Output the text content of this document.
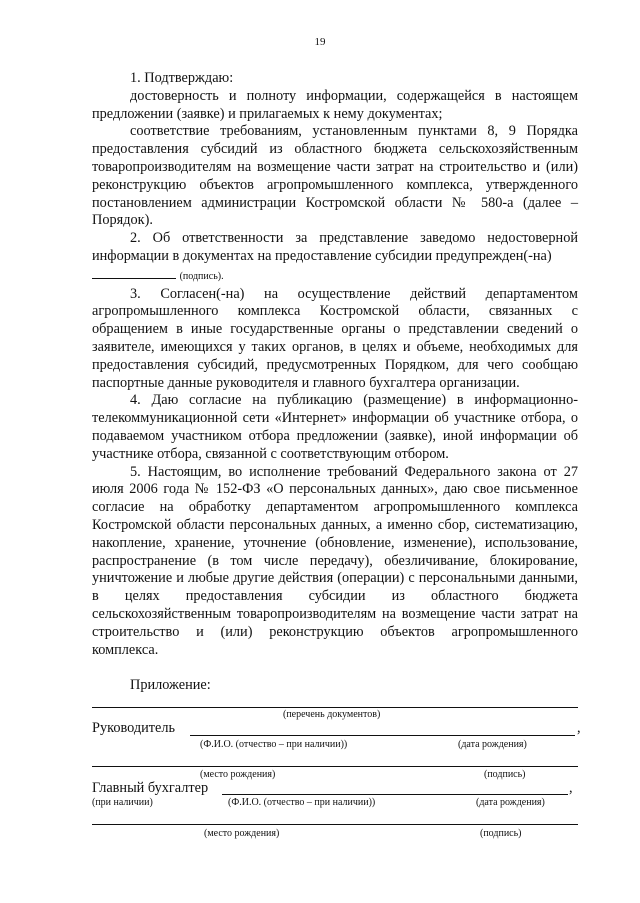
19

1. Подтверждаю:

достоверность и полноту информации, содержащейся в настоящем предложении (заявке) и прилагаемых к нему документах;

соответствие требованиям, установленным пунктами 8, 9 Порядка предоставления субсидий из областного бюджета сельскохозяйственным товаропроизводителям на возмещение части затрат на строительство и (или) реконструкцию объектов агропромышленного комплекса, утвержденного постановлением администрации Костромской области № 580-а (далее – Порядок).

2. Об ответственности за представление заведомо недостоверной информации в документах на предоставление субсидии предупрежден(-на)

(подпись).

3. Согласен(-на) на осуществление действий департаментом агропромышленного комплекса Костромской области, связанных с обращением в иные государственные органы о представлении сведений о заявителе, имеющихся у таких органов, в целях и объеме, необходимых для предоставления субсидий, предусмотренных Порядком, для чего сообщаю паспортные данные руководителя и главного бухгалтера организации.

4. Даю согласие на публикацию (размещение) в информационно-телекоммуникационной сети «Интернет» информации об участнике отбора, о подаваемом участником отбора предложении (заявке), иной информации об участнике отбора, связанной с соответствующим отбором.

5. Настоящим, во исполнение требований Федерального закона от 27 июля 2006 года № 152-ФЗ «О персональных данных», даю свое письменное согласие на обработку департаментом агропромышленного комплекса Костромской области персональных данных, а именно сбор, систематизацию, накопление, хранение, уточнение (обновление, изменение), использование, распространение (в том числе передачу), обезличивание, блокирование, уничтожение и любые другие действия (операции) с персональными данными, в целях предоставления субсидии из областного бюджета сельскохозяйственным товаропроизводителям на возмещение части затрат на строительство и (или) реконструкцию объектов агропромышленного комплекса.

Приложение:
(перечень документов)
Руководитель	,
(Ф.И.О. (отчество – при наличии))	(дата рождения)
(место рождения)	(подпись)
Главный бухгалтер	,
(при наличии)	(Ф.И.О. (отчество – при наличии))	(дата рождения)
(место рождения)	(подпись)
